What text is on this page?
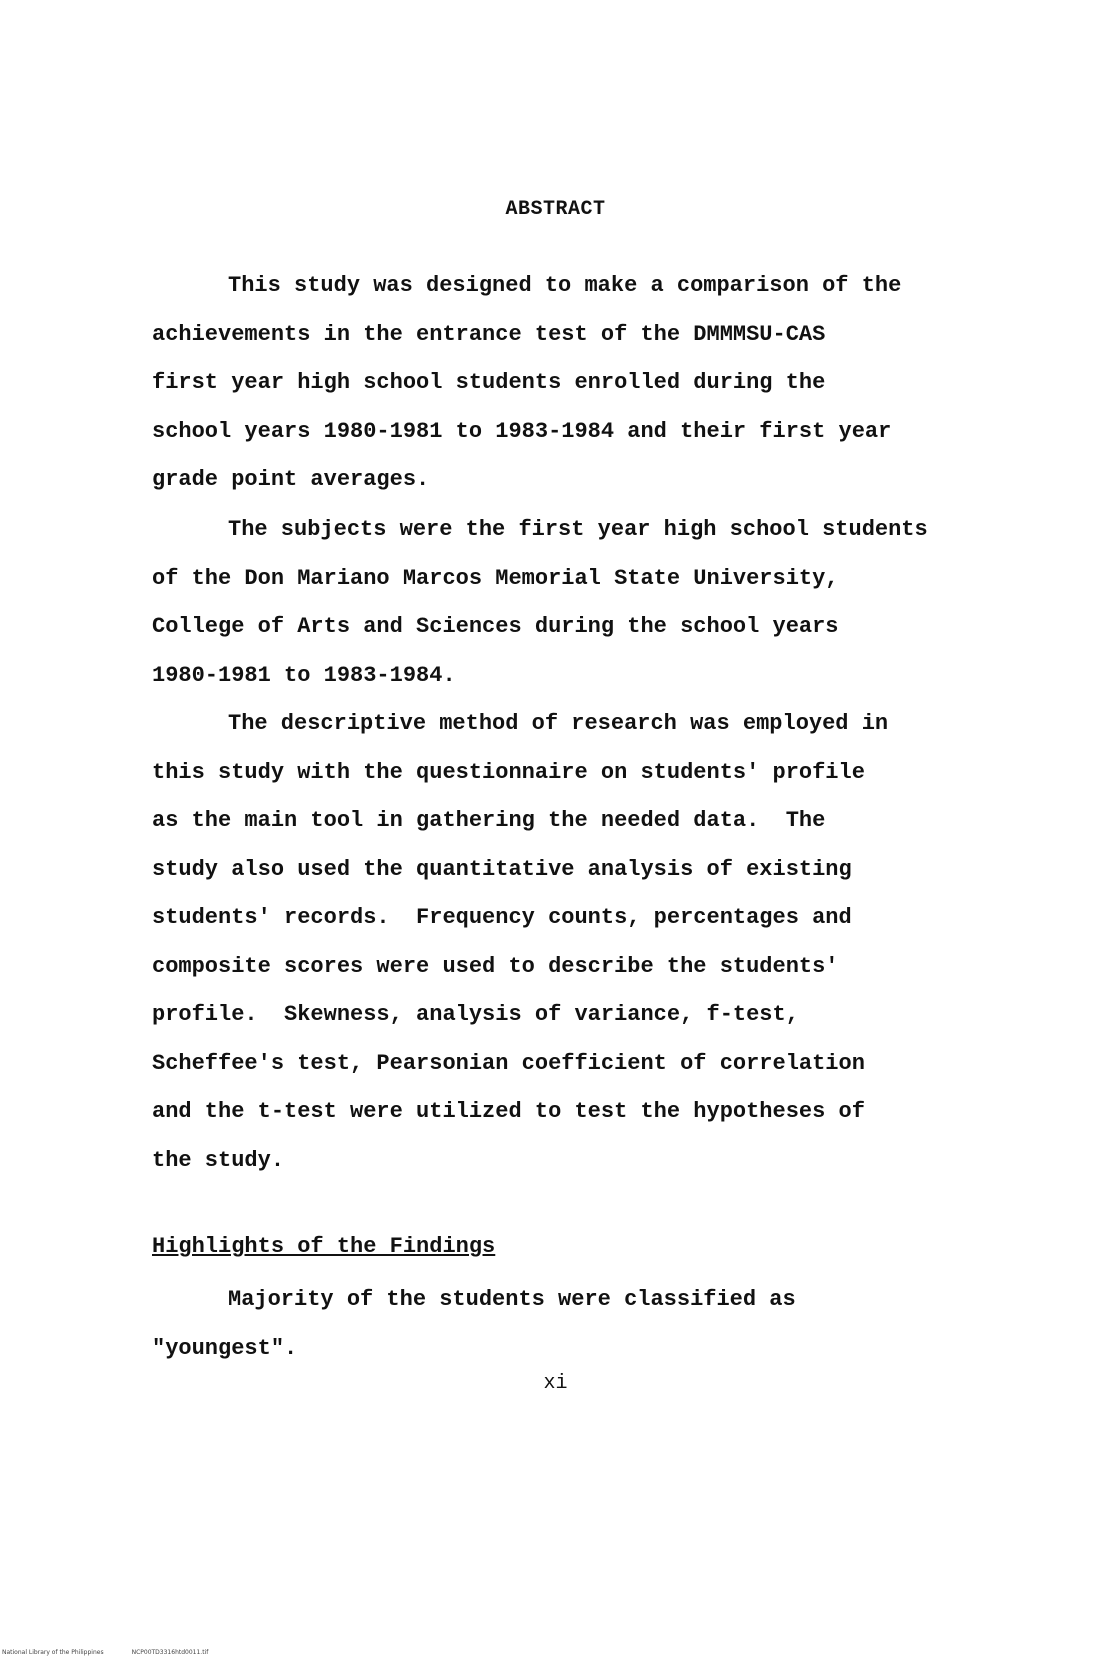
ABSTRACT
This study was designed to make a comparison of the
achievements in the entrance test of the DMMMSU-CAS
first year high school students enrolled during the
school years 1980-1981 to 1983-1984 and their first year
grade point averages.
The subjects were the first year high school students
of the Don Mariano Marcos Memorial State University,
College of Arts and Sciences during the school years
1980-1981 to 1983-1984.
The descriptive method of research was employed in
this study with the questionnaire on students' profile
as the main tool in gathering the needed data.  The
study also used the quantitative analysis of existing
students' records.  Frequency counts, percentages and
composite scores were used to describe the students'
profile.  Skewness, analysis of variance, f-test,
Scheffee's test, Pearsonian coefficient of correlation
and the t-test were utilized to test the hypotheses of
the study.
Highlights of the Findings
Majority of the students were classified as
"youngest".
xi
National Library of the Philippines	NCP00TD3316htd0011.tif
